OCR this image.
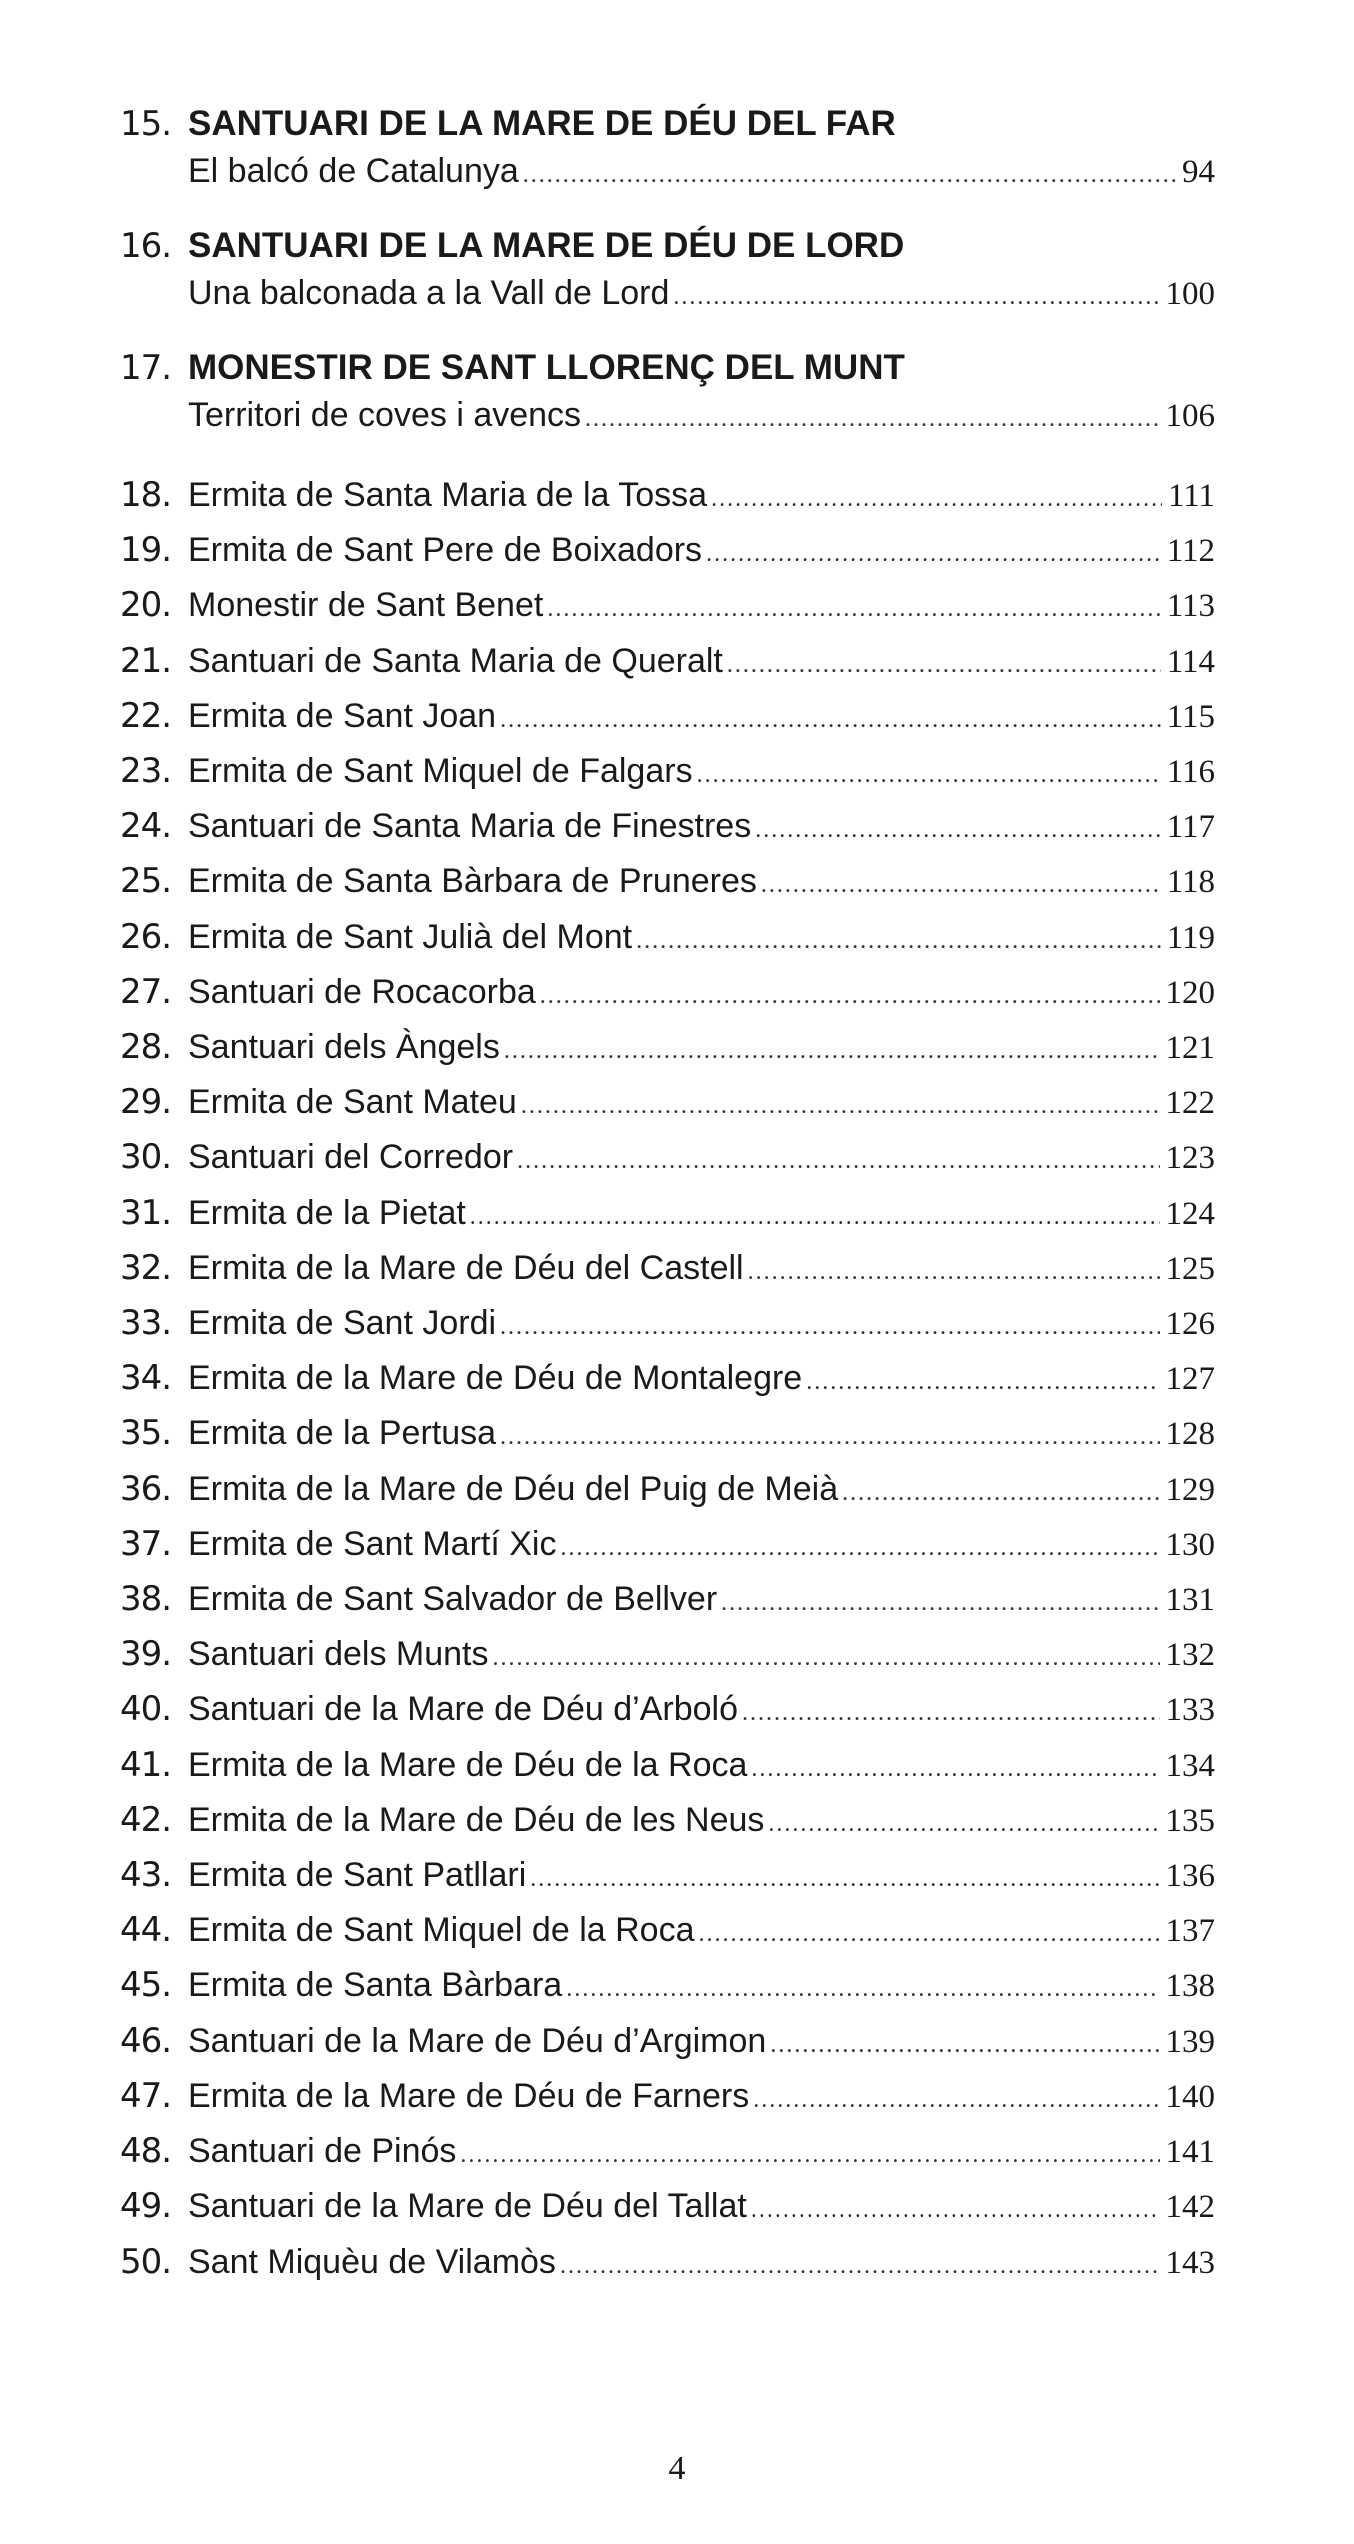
15. SANTUARI DE LA MARE DE DÉU DEL FAR
El balcó de Catalunya .....	94
16. SANTUARI DE LA MARE DE DÉU DE LORD
Una balconada a la Vall de Lord .....	100
17. MONESTIR DE SANT LLORENÇ DEL MUNT
Territori de coves i avencs .....	106
18. Ermita de Santa Maria de la Tossa .....	111
19. Ermita de Sant Pere de Boixadors .....	112
20. Monestir de Sant Benet .....	113
21. Santuari de Santa Maria de Queralt .....	114
22. Ermita de Sant Joan .....	115
23. Ermita de Sant Miquel de Falgars .....	116
24. Santuari de Santa Maria de Finestres .....	117
25. Ermita de Santa Bàrbara de Pruneres .....	118
26. Ermita de Sant Julià del Mont .....	119
27. Santuari de Rocacorba .....	120
28. Santuari dels Àngels .....	121
29. Ermita de Sant Mateu .....	122
30. Santuari del Corredor .....	123
31. Ermita de la Pietat .....	124
32. Ermita de la Mare de Déu del Castell .....	125
33. Ermita de Sant Jordi .....	126
34. Ermita de la Mare de Déu de Montalegre .....	127
35. Ermita de la Pertusa .....	128
36. Ermita de la Mare de Déu del Puig de Meià .....	129
37. Ermita de Sant Martí Xic .....	130
38. Ermita de Sant Salvador de Bellver .....	131
39. Santuari dels Munts .....	132
40. Santuari de la Mare de Déu d’Arboló .....	133
41. Ermita de la Mare de Déu de la Roca .....	134
42. Ermita de la Mare de Déu de les Neus .....	135
43. Ermita de Sant Patllari .....	136
44. Ermita de Sant Miquel de la Roca .....	137
45. Ermita de Santa Bàrbara .....	138
46. Santuari de la Mare de Déu d’Argimon .....	139
47. Ermita de la Mare de Déu de Farners .....	140
48. Santuari de Pinós .....	141
49. Santuari de la Mare de Déu del Tallat .....	142
50. Sant Miquèu de Vilamòs .....	143
4
